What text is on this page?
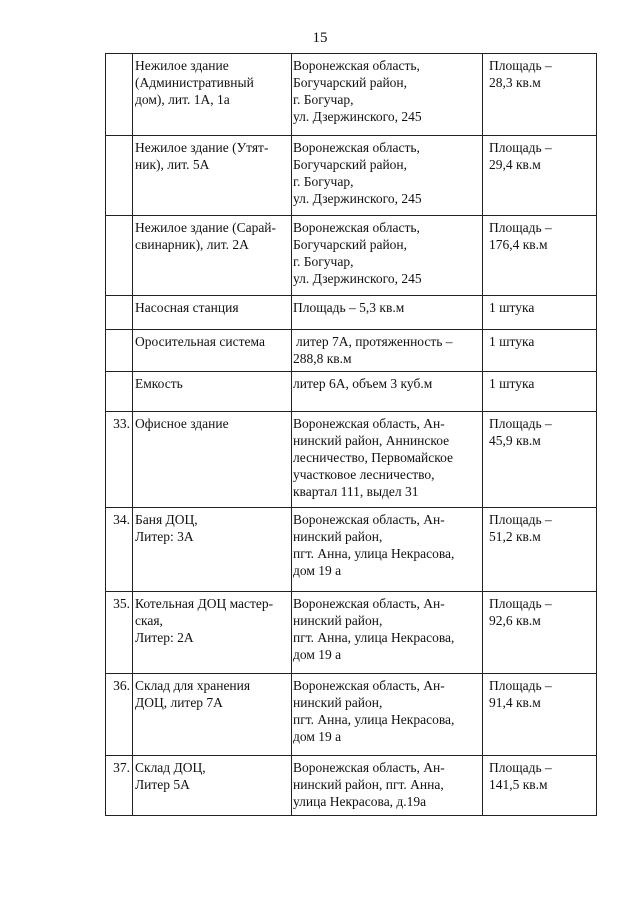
15

	Нежилое здание
(Административный
дом), лит. 1А, 1а	Воронежская область,
Богучарский район,
г. Богучар,
ул. Дзержинского, 245	Площадь –
28,3 кв.м

	Нежилое здание (Утят-
ник), лит. 5А	Воронежская область,
Богучарский район,
г. Богучар,
ул. Дзержинского, 245	Площадь –
29,4 кв.м

	Нежилое здание (Сарай-
свинарник), лит. 2А	Воронежская область,
Богучарский район,
г. Богучар,
ул. Дзержинского, 245	Площадь –
176,4 кв.м

	Насосная станция	Площадь – 5,3 кв.м	1 штука

	Оросительная система	литер 7А, протяженность –
288,8 кв.м	1 штука

	Емкость	литер 6А, объем 3 куб.м	1 штука

33.	Офисное здание	Воронежская область, Ан-
нинский район, Аннинское
лесничество, Первомайское
участковое лесничество,
квартал 111, выдел 31	Площадь –
45,9 кв.м

34.	Баня ДОЦ,
Литер: 3А	Воронежская область, Ан-
нинский район,
пгт. Анна, улица Некрасова,
дом 19 а	Площадь –
51,2 кв.м

35.	Котельная ДОЦ мастер-
ская,
Литер: 2А	Воронежская область, Ан-
нинский район,
пгт. Анна, улица Некрасова,
дом 19 а	Площадь –
92,6 кв.м

36.	Склад для хранения
ДОЦ, литер 7А	Воронежская область, Ан-
нинский район,
пгт. Анна, улица Некрасова,
дом 19 а	Площадь –
91,4 кв.м

37.	Склад ДОЦ,
Литер 5А	Воронежская область, Ан-
нинский район, пгт. Анна,
улица Некрасова, д.19а	Площадь –
141,5 кв.м
